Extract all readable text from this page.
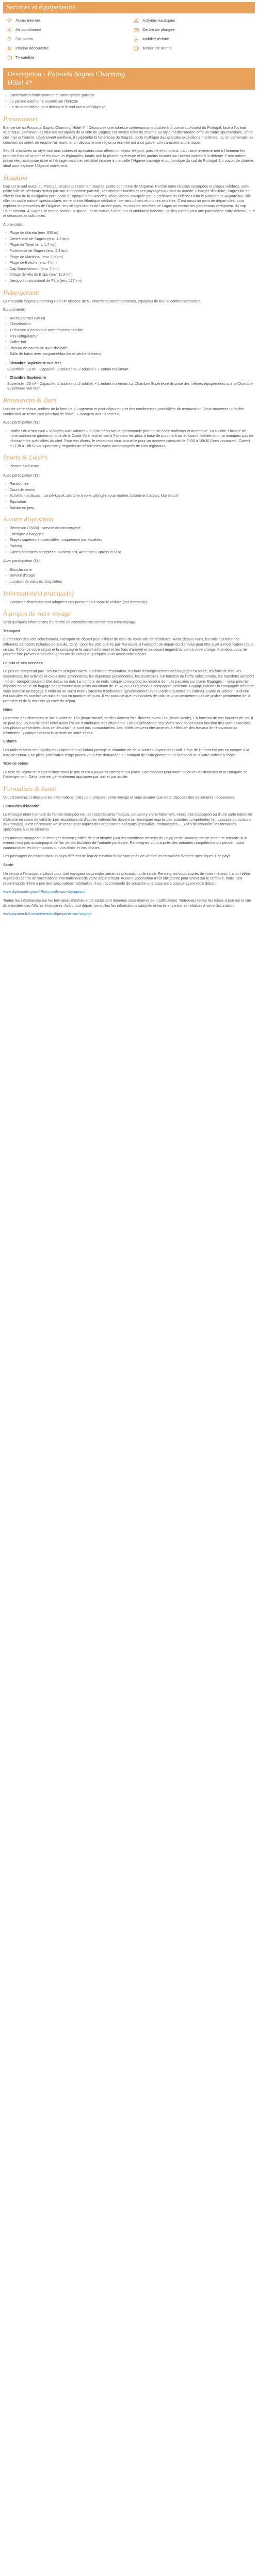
Services et équipements
Accès internet	Activités nautiques
Air conditionné	Centre de plongée
Équitation	Mobilité réduite
Piscine découverte	Terrain de tennis
Tv satellite
Description - Pousada Sagres Charming
Hôtel 4*
• Confortables établissement et l'atmosphère paisible
• La piscine extérieure ouverte sur l'horizon
• La situation idéale peut découvrir le sud-ouest de l'Algarve
Présentation

Bienvenue au Pousada Sagres Charming Hotel 4* ! Découvrez une adresse contemporaine postée à la pointe sud-ouest du Portugal, face à l'océan Atlantique. Dominant les falaises escarpées de la côte de Sagres, cet ancien hôtel de charme au style méditerranéen offre un cadre spectaculaire, entre ciel, mer et histoire. Légèrement surélevé, il surplombe la forteresse de Sagres, porte mythique des grandes expéditions maritimes. Ici, on contemple les couchers de soleil, on respire l'air marin et on découvre une région préservée qui a su garder son caractère authentique.

Ses 51 chambres au style aux tons sobres et apaisants vous offrent un séjour élégant, paisible et lumineux. La cuisine inventive met à l'honneur les produits frais de la mer et les saveurs régionales, tandis que la piscine extérieure et les jardins ouverts sur l'océan invitent à la détente. Entre nature préservée, patrimoine riche et héritage maritime, cet hôtel incarne à merveille l'Algarve sauvage et authentique du sud du Portugal. Un cocon de charme, idéal pour explorer l'Algarve autrement.

Situation

Cap sur le sud-ouest du Portugal, et plus précisément Sagres, petite commune de l'Algarve. Perché entre falaises escarpées et plages célèbres, cette petite ville de pêcheurs séduit par son atmosphère paisible, ses chemins bordés et ses paysages au bout du monde. Chargée d'histoire, Sagres fut en effet le lieu de la navigation portugaise à l'époque des Grandes Découvertes, marquée par la présence du célèbre Henri le Navigateur. Aujourd'hui, elle offre un cadre naturel spectaculaire, entre océan Atlantique déchaîné, sentiers côtiers et criques secrètes. C'est aussi un point de départ idéal pour explorer les merveilles de l'Algarve : les villages blancs de l'arrière-pays, les criques secrètes de Lagos ou encore les panoramas vertigineux du cap Saint-Vincent. À Sagres, le temps semble suspendu entre nature à l'état pur et ambiance bohème. Un lieu parfait pour une parenthèse entre détente, surf et découvertes culturelles.

À proximité :

• Plage de Mareta (env. 950 m)
• Centre-ville de Sagres (env. 1,2 km)
• Plage de Tonel (env. 1,7 km)
• Forteresse de Sagres (env. 2,3 km)
• Plage de Martinhal (env. 2,9 km)
• Plage de Beliche (env. 4 km)
• Cap Saint-Vincent (env. 7 km)
• Village de Vila do Bispo (env. 11,2 km)
• Aéroport international de Faro (env. 117 km)
Hébergement

La Pousada Sagres Charming Hotel 4* dispose de 51 chambres contemporaines, équipées de tout le confort nécessaire.

Équipements :

• Accès internet (Wi-Fi)
• Climatisation
• Télévision à écran plat avec chaînes satellite
• Mini-réfrigérateur
• Coffre-fort
• Plateau de courtoisie avec thé/café
• Salle de bains avec baignoire/douche et sèche-cheveux
• Chambre Supérieure vue Mer

Superficie : 18 m² - Capacité : 2 adultes ou 2 adultes + 1 enfant maximum

• Chambre Supérieure

Superficie : 23 m² - Capacité : 2 adultes ou 2 adultes + 1 enfant maximum La Chambre Supérieure dispose des mêmes équipements que la Chambre Supérieure vue Mer.

Restaurants & Bars

Lors de votre séjour, profitez de la formule « Logement et petit-déjeuner » et des nombreuses possibilités de restauration. Vous trouverez un buffet continental au restaurant principal de l'hôtel, « Visagem aux Sabores ».

Avec participation (€) :

• Profitez du restaurant « Visagem aux Sabores » qui fait découvrir la gastronomie portugaise entre traditions et modernité. La cuisine s'inspire de riche patrimoine gastronomique de la Costa Vicentina et met à l'honneur les plats à base de produits frais et locaux. Idéalement, ne manquez pas de découvrir les spécialités du chef. Pour vos dîners, le restaurant vous accueille pour un moment convivial de 7h30 à 10h30 (hors vacances). Ouvert du 12h à 18h30 vous pourrez y déguster de délicieuses tapas accompagnés de vins régionaux.
Sports & Loisirs
• Piscine extérieure

Avec participation (€) :

• Randonnée
• Court de tennis
• Activités nautiques : canoë-kayak, planche à voile, plongée sous-marine, balade en bateau, kite et surf
• Équitation
• Balade en jeep
A votre disposition
• Réception (7h/24) - service de conciergerie
• Consigne à bagages
• Étages supérieurs accessibles uniquement par escaliers
• Parking
• Cartes bancaires acceptées: MasterCard, American Express et Visa

Avec participation (€) :

• Blanchisserie
• Service d'étage
• Location de voitures, bicyclettes
Information(s) pratique(s)
• Certaines chambres sont adaptées aux personnes à mobilité réduite (sur demande).
À propos de votre voyage

Voici quelques informations à prendre en considération concernant votre voyage.

Transport

En fonction des vols sélectionnés, l'aéroport de départ peut différer de celui de votre ville de résidence. Ainsi, depuis Paris, les vols opéreront de différents aéroports (Charles-de-Gaulle, Orly) : pour les vols opérés par Transavia, à l'aéroport de départ ou d'arrivée peut être sujet à modification (dans ce cas, l'hôtel de votre séjour et la compagnie le seront informés) et les frais d'arrivée et de départ engendrés sont à votre charge. Attention, vous ne pourrez être prévenus des changements de vols que quelques jours avant votre départ.

Le prix et ses services

Le prix ne comprend pas : les taxes aéroportuaires, les frais de réservation, les frais d'enregistrement des bagages en soute, les frais de visa, les assurances, les activités et excursions optionnelles, les dépenses personnelles, les pourboires. En fonction de l'offre sélectionnée, les transferts aéroport - hôtel - aéroport peuvent être inclus ou non. Le nombre de nuits indiqué correspond au nombre de nuits passées sur place. Bagages : - vous pourrez déposer en soute un bagage par personne d'un poids maximum de 15 kg ou 20 kg selon la compagnie aérienne. Bagage cabine : la compagnie aérienne vous autorise un bagage à main ou un sac à main / sacoche d'ordinateur (généralement un seul article autorisé en cabine). Durée du séjour : la durée est calculée en nombre de nuits et non en nombre de jours. Il est possible que les horaires de vols ne vous permettent pas de profiter pleinement de la première et de la dernière journée du séjour.

Hôtel

La remise des chambres se fait à partir de 15h (heure locale) et elles doivent être libérées avant 11h (heure locale). En fonction de vos horaires de vol, il se peut que vous arriviez à l'hôtel avant l'heure d'attribution des chambres. Les classifications des hôtels sont données en fonction des normes locales. Les photos présentées dans ce descriptif ne sont pas contractuelles. Les hôtels peuvent être amenés à effectuer des travaux de rénovation ou d'entretien, y compris durant la période de votre séjour.

Enfants

Les tarifs enfants sont appliqués uniquement si l'enfant partage la chambre de deux adultes payant plein tarif. L'âge de l'enfant est pris en compte à la date de retour. Une pièce justificative d'âge pourra vous être demandée au moment de l'enregistrement à l'aéroport ou à votre arrivée à l'hôtel.

Taxe de séjour

La taxe de séjour n'est pas incluse dans le prix et est à payer directement sur place. Son montant peut varier selon les destinations et la catégorie de l'hébergement. Cette taxe est généralement appliquée par nuit et par adulte.

Formalités & Santé

Vous trouverez ci-dessous les informations utiles pour préparer votre voyage et vous assurer que vous disposez des documents nécessaires.

Formalités d'identité

Le Portugal étant membre de l'Union Européenne, les ressortissants français, peuvent y entrer librement, munis d'un passeport ou d'une carte nationale d'identité en cours de validité. Les ressortissants d'autres nationalités doivent se renseigner auprès des autorités compétentes (ambassade ou consulat du Portugal). Il est nécessaire de se renseigner auprès des organismes adéquats (consulats, ambassades, …) afin de connaître les formalités spécifiques à votre situation.

Les mineurs voyageant à l'étranger doivent justifier de leur identité (voir les conditions d'entrée du pays) et de l'autorisation de sortie de territoire si le mineur n'est pas accompagné de l'un de ses titulaires de l'autorité parentale. Renseignez-vous auprès des autorités compétentes qui peuvent vous communiquer les informations sur vos droits et vos devoirs.

Les passagers en transit dans un pays différent de leur destination finale sont priés de vérifier les formalités d'entrée spécifiques à ce pays.

Santé

Un séjour à l'étranger implique pour tout voyageur de prendre certaines précautions de santé. Renseignez-vous auprès de votre médecin traitant et/ou auprès du centre de vaccinations internationales de votre département. Aucune vaccination n'est obligatoire pour entrer sur le territoire, mais il est recommandé d'être à jour des vaccinations habituelles. Il est recommandé de souscrire une assurance voyage avant votre départ.

www.diplomatie.gouv.fr/fr/conseils-aux-voyageurs/

Toutes les informations sur les formalités d'entrée et de santé sont données sous réserve de modifications. Retrouvez toutes les mises à jour sur le site du ministère des Affaires étrangères. Avant tout départ, consultez les informations complémentaires et sanitaires relatives à votre destination.

www.pasteur.fr/fr/centre-medical/preparer-son-voyage
